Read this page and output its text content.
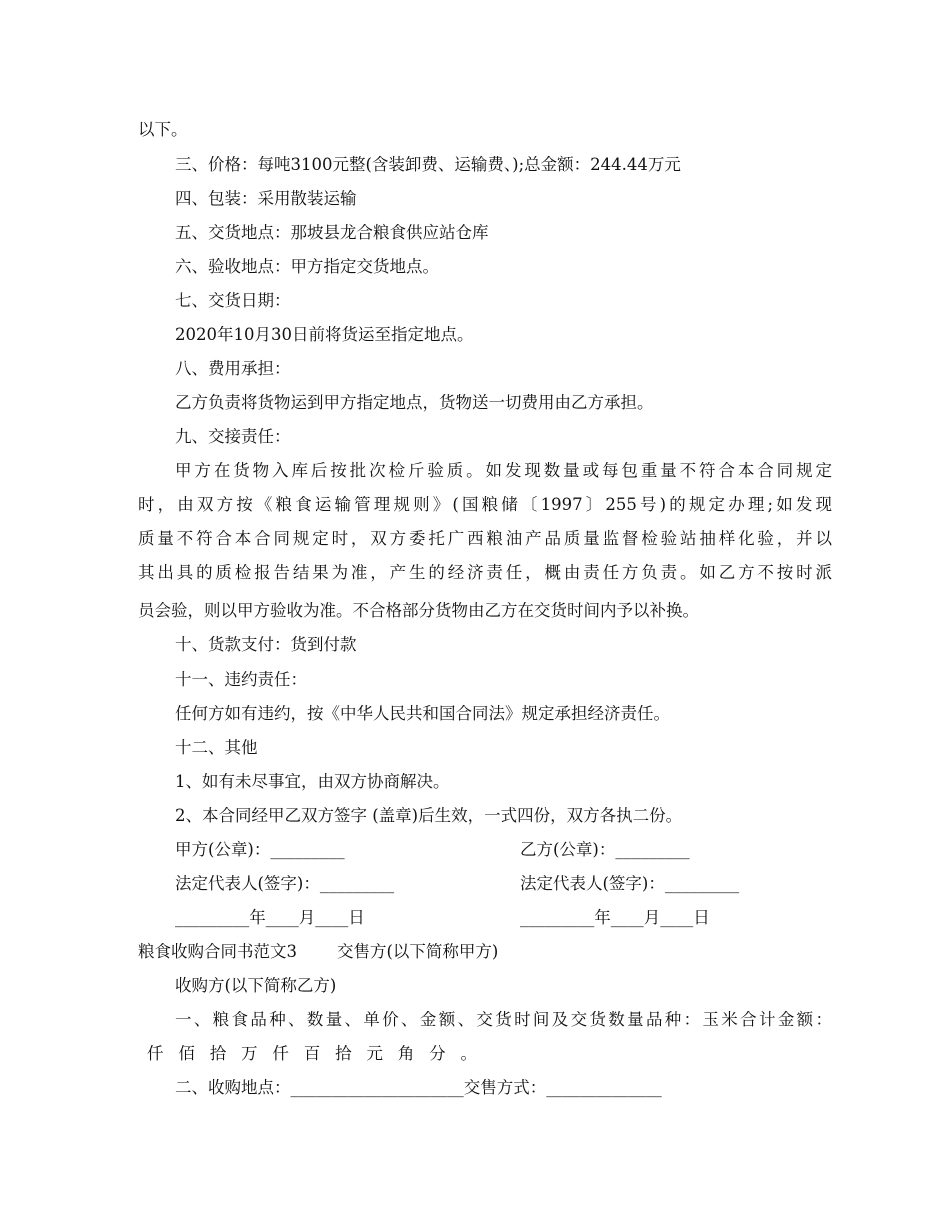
以下。
三、价格：每吨3100元整(含装卸费、运输费、);总金额：244.44万元
四、包装：采用散装运输
五、交货地点：那坡县龙合粮食供应站仓库
六、验收地点：甲方指定交货地点。
七、交货日期：
2020年10月30日前将货运至指定地点。
八、费用承担：
乙方负责将货物运到甲方指定地点，货物送一切费用由乙方承担。
九、交接责任：
甲方在货物入库后按批次检斤验质。如发现数量或每包重量不符合本合同规定
时，由双方按《粮食运输管理规则》(国粮储〔1997〕255号)的规定办理;如发现
质量不符合本合同规定时，双方委托广西粮油产品质量监督检验站抽样化验，并以
其出具的质检报告结果为准，产生的经济责任，概由责任方负责。如乙方不按时派
员会验，则以甲方验收为准。不合格部分货物由乙方在交货时间内予以补换。
十、货款支付：货到付款
十一、违约责任：
任何方如有违约，按《中华人民共和国合同法》规定承担经济责任。
十二、其他
1、如有未尽事宜，由双方协商解决。
2、本合同经甲乙双方签字 (盖章)后生效，一式四份，双方各执二份。
甲方(公章)：_________	乙方(公章)：_________
法定代表人(签字)：_________	法定代表人(签字)：_________
_________年____月____日	_________年____月____日
粮食收购合同书范文3 交售方(以下简称甲方)
收购方(以下简称乙方)
一、粮食品种、数量、单价、金额、交货时间及交货数量品种：玉米合计金额：
仟佰拾万仟百拾元角分。
二、收购地点：_____________________交售方式：______________
